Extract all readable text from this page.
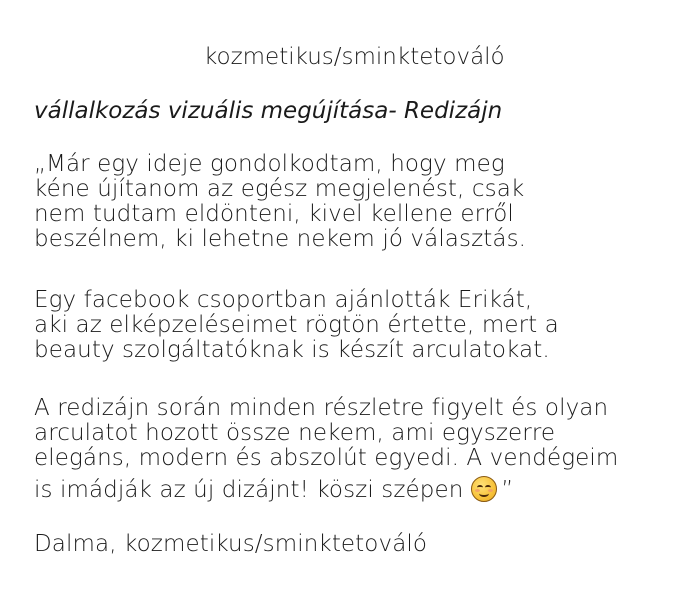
kozmetikus/sminktetováló
vállalkozás vizuális megújítása- Redizájn
„Már egy ideje gondolkodtam, hogy meg
kéne újítanom az egész megjelenést, csak
nem tudtam eldönteni, kivel kellene erről
beszélnem, ki lehetne nekem jó választás.
Egy facebook csoportban ajánlották Erikát,
aki az elképzeléseimet rögtön értette, mert a
beauty szolgáltatóknak is készít arculatokat.
A redizájn során minden részletre figyelt és olyan
arculatot hozott össze nekem, ami egyszerre
elegáns, modern és abszolút egyedi. A vendégeim
is imádják az új dizájnt! köszi szépen ”
Dalma, kozmetikus/sminktetováló
